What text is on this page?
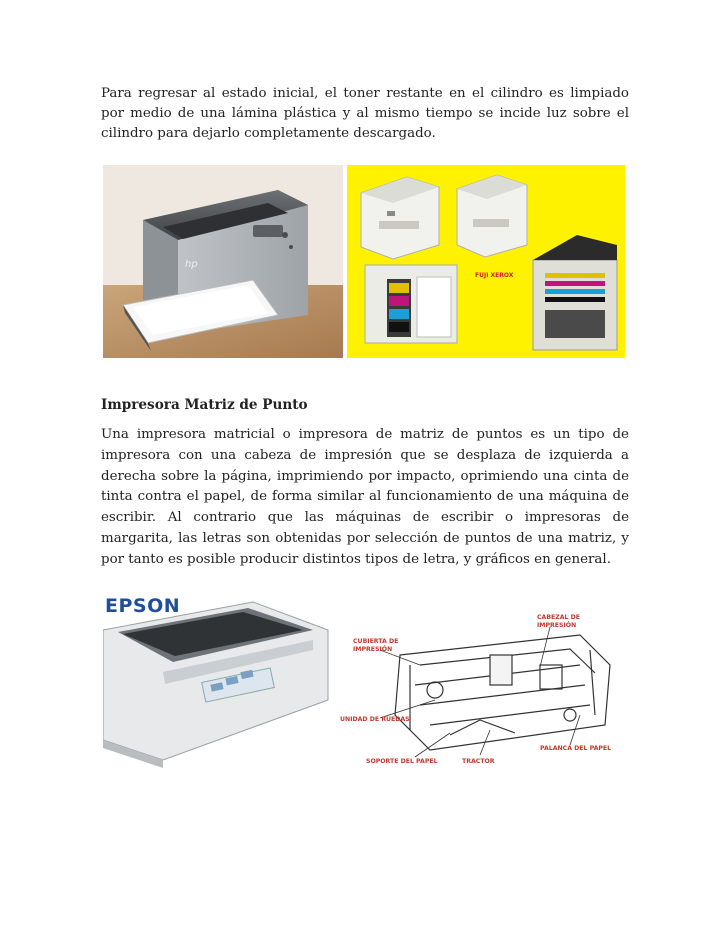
Para regresar al estado inicial, el toner restante en el cilindro es limpiado por medio de una lámina plástica y al mismo tiempo se incide luz sobre el cilindro para dejarlo completamente descargado.

hp
FUJI XEROX
Impresora Matriz de Punto

Una impresora matricial o impresora de matriz de puntos es un tipo de impresora con una cabeza de impresión que se desplaza de izquierda a derecha sobre la página, imprimiendo por impacto, oprimiendo una cinta de tinta contra el papel, de forma similar al funcionamiento de una máquina de escribir. Al contrario que las máquinas de escribir o impresoras de margarita, las letras son obtenidas por selección de puntos de una matriz, y por tanto es posible producir distintos tipos de letra, y gráficos en general.

EPSON
CUBIERTA DE
IMPRESIÓN
CABEZAL DE
IMPRESIÓN
UNIDAD DE RUEDAS
PALANCA DEL PAPEL
SOPORTE DEL PAPEL	TRACTOR
